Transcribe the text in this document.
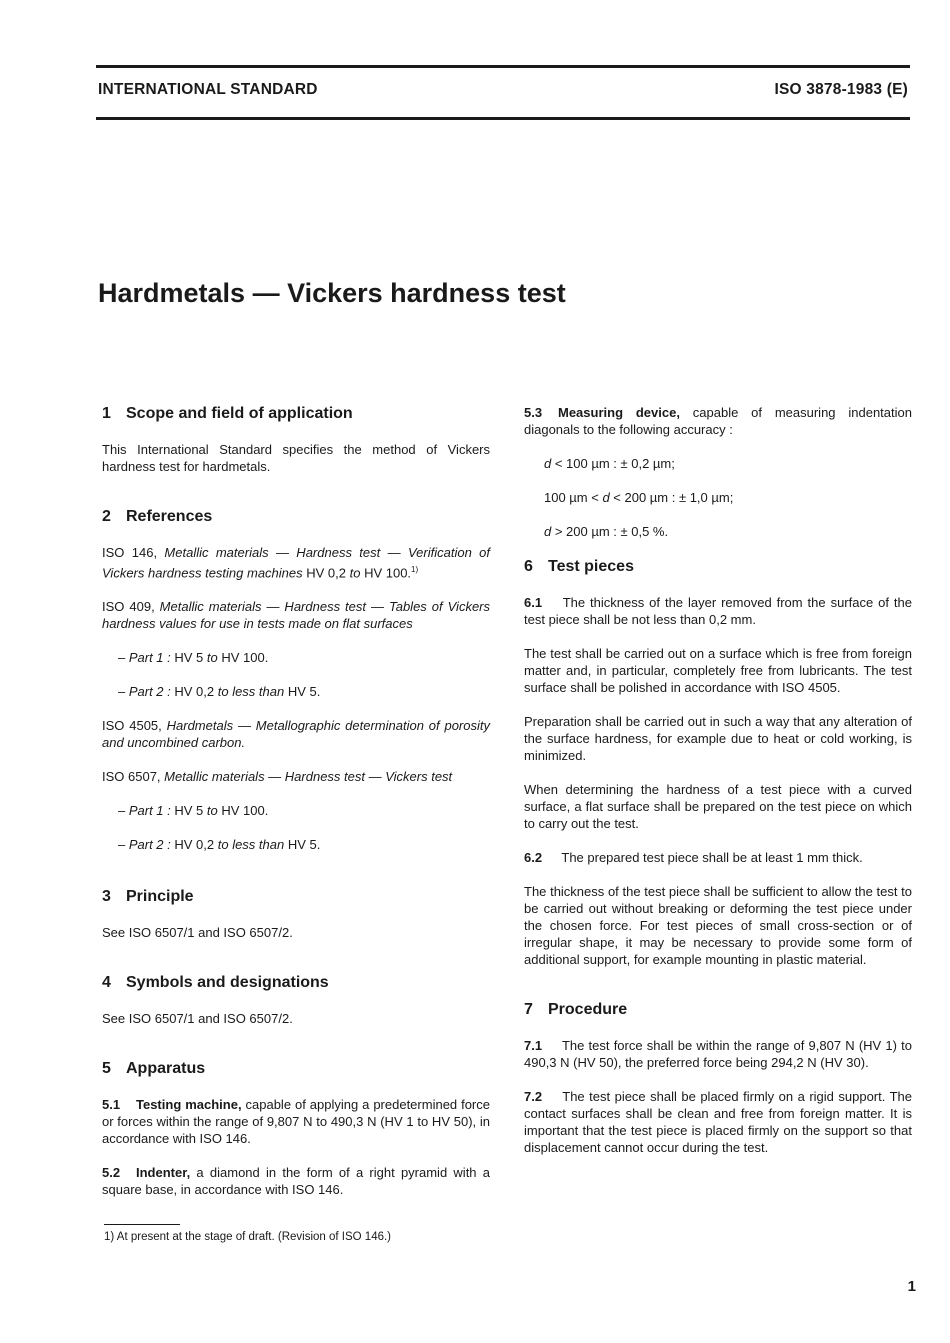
INTERNATIONAL STANDARD	ISO 3878-1983 (E)
Hardmetals — Vickers hardness test
1 Scope and field of application

This International Standard specifies the method of Vickers hardness test for hardmetals.

2 References

ISO 146, Metallic materials — Hardness test — Verification of Vickers hardness testing machines HV 0,2 to HV 100.$^{1)}$

ISO 409, Metallic materials — Hardness test — Tables of Vickers hardness values for use in tests made on flat surfaces

– Part 1 : HV 5 to HV 100.

– Part 2 : HV 0,2 to less than HV 5.

ISO 4505, Hardmetals — Metallographic determination of porosity and uncombined carbon.

ISO 6507, Metallic materials — Hardness test — Vickers test

– Part 1 : HV 5 to HV 100.

– Part 2 : HV 0,2 to less than HV 5.

3 Principle

See ISO 6507/1 and ISO 6507/2.

4 Symbols and designations

See ISO 6507/1 and ISO 6507/2.

5 Apparatus

5.1 Testing machine, capable of applying a predetermined force or forces within the range of 9,807 N to 490,3 N (HV 1 to HV 50), in accordance with ISO 146.

5.2 Indenter, a diamond in the form of a right pyramid with a square base, in accordance with ISO 146.

5.3 Measuring device, capable of measuring indentation diagonals to the following accuracy :

d < 100 µm : ± 0,2 µm;

100 µm < d < 200 µm : ± 1,0 µm;

d > 200 µm : ± 0,5 %.

6 Test pieces

6.1 The thickness of the layer removed from the surface of the test piece shall be not less than 0,2 mm.

The test shall be carried out on a surface which is free from foreign matter and, in particular, completely free from lubricants. The test surface shall be polished in accordance with ISO 4505.

Preparation shall be carried out in such a way that any alteration of the surface hardness, for example due to heat or cold working, is minimized.

When determining the hardness of a test piece with a curved surface, a flat surface shall be prepared on the test piece on which to carry out the test.

6.2 The prepared test piece shall be at least 1 mm thick.

The thickness of the test piece shall be sufficient to allow the test to be carried out without breaking or deforming the test piece under the chosen force. For test pieces of small cross-section or of irregular shape, it may be necessary to provide some form of additional support, for example mounting in plastic material.

7 Procedure

7.1 The test force shall be within the range of 9,807 N (HV 1) to 490,3 N (HV 50), the preferred force being 294,2 N (HV 30).

7.2 The test piece shall be placed firmly on a rigid support. The contact surfaces shall be clean and free from foreign matter. It is important that the test piece is placed firmly on the support so that displacement cannot occur during the test.

1) At present at the stage of draft. (Revision of ISO 146.)
1
